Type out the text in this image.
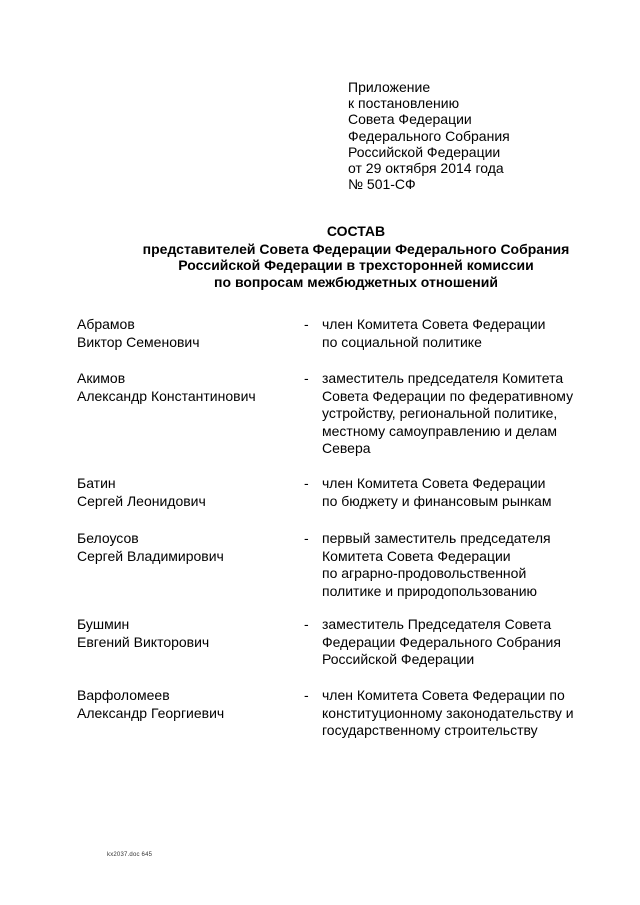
Приложение
к постановлению
Совета Федерации
Федерального Собрания
Российской Федерации
от 29 октября 2014 года
№ 501-СФ
СОСТАВ
представителей Совета Федерации Федерального Собрания
Российской Федерации в трехсторонней комиссии
по вопросам межбюджетных отношений
Абрамов
Виктор Семенович
- член Комитета Совета Федерации
по социальной политике
Акимов
Александр Константинович
- заместитель председателя Комитета
Совета Федерации по федеративному
устройству, региональной политике,
местному самоуправлению и делам
Севера
Батин
Сергей Леонидович
- член Комитета Совета Федерации
по бюджету и финансовым рынкам
Белоусов
Сергей Владимирович
- первый заместитель председателя
Комитета Совета Федерации
по аграрно-продовольственной
политике и природопользованию
Бушмин
Евгений Викторович
- заместитель Председателя Совета
Федерации Федерального Собрания
Российской Федерации
Варфоломеев
Александр Георгиевич
- член Комитета Совета Федерации по
конституционному законодательству и
государственному строительству
kx2037.doc 645
